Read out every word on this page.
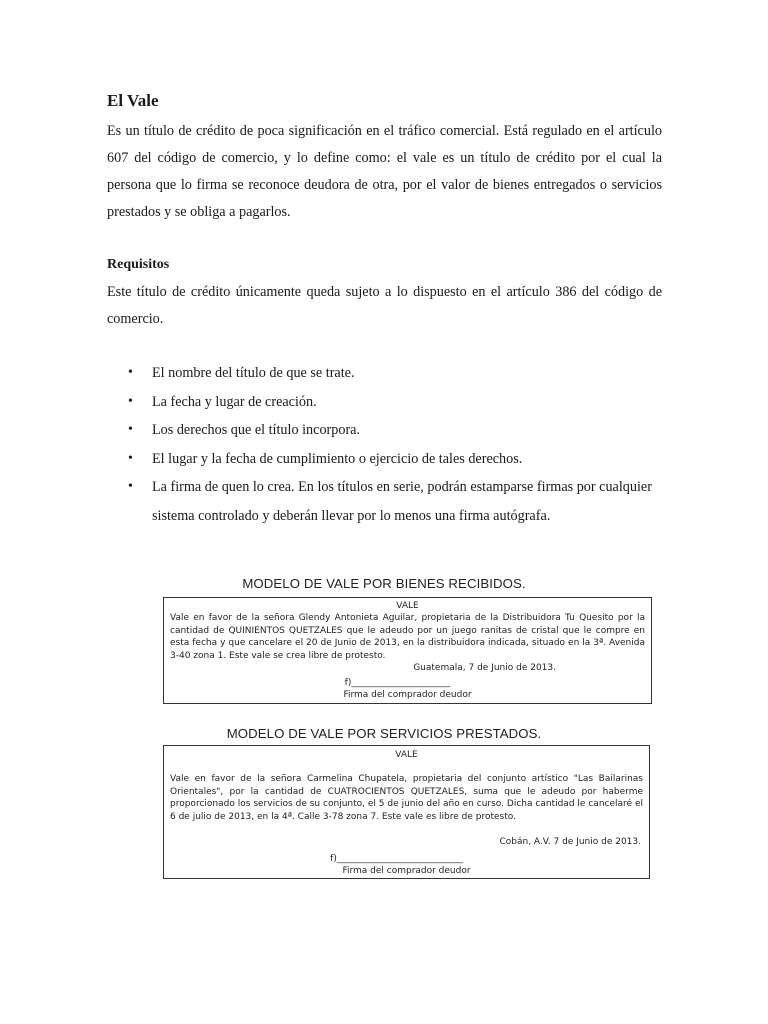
El Vale

Es un título de crédito de poca significación en el tráfico comercial. Está regulado en el artículo 607 del código de comercio, y lo define como: el vale es un título de crédito por el cual la persona que lo firma se reconoce deudora de otra, por el valor de bienes entregados o servicios prestados y se obliga a pagarlos.

Requisitos

Este título de crédito únicamente queda sujeto a lo dispuesto en el artículo 386 del código de comercio.

• El nombre del título de que se trate.
• La fecha y lugar de creación.
• Los derechos que el título incorpora.
• El lugar y la fecha de cumplimiento o ejercicio de tales derechos.
• La firma de quen lo crea. En los títulos en serie, podrán estamparse firmas por cualquier sistema controlado y deberán llevar por lo menos una firma autógrafa.

MODELO DE VALE POR BIENES RECIBIDOS.

VALE

Vale en favor de la señora Glendy Antonieta Aguilar, propietaria de la Distribuidora Tu Quesito por la cantidad de QUINIENTOS QUETZALES que le adeudo por un juego ranitas de cristal que le compre en esta fecha y que cancelare el 20 de Junio de 2013, en la distribuidora indicada, situado en la 3ª. Avenida 3-40 zona 1. Este vale se crea libre de protesto.

Guatemala, 7 de Junio de 2013.

f)______________________

Firma del comprador deudor

MODELO DE VALE POR SERVICIOS PRESTADOS.

VALE

Vale en favor de la señora Carmelina Chupatela, propietaria del conjunto artístico "Las Bailarinas Orientales", por la cantidad de CUATROCIENTOS QUETZALES, suma que le adeudo por haberme proporcionado los servicios de su conjunto, el 5 de junio del año en curso. Dicha cantidad le cancelaré el 6 de julio de 2013, en la 4ª. Calle 3-78 zona 7. Este vale es libre de protesto.

Cobán, A.V. 7 de Junio de 2013.

f)____________________________

Firma del comprador deudor
